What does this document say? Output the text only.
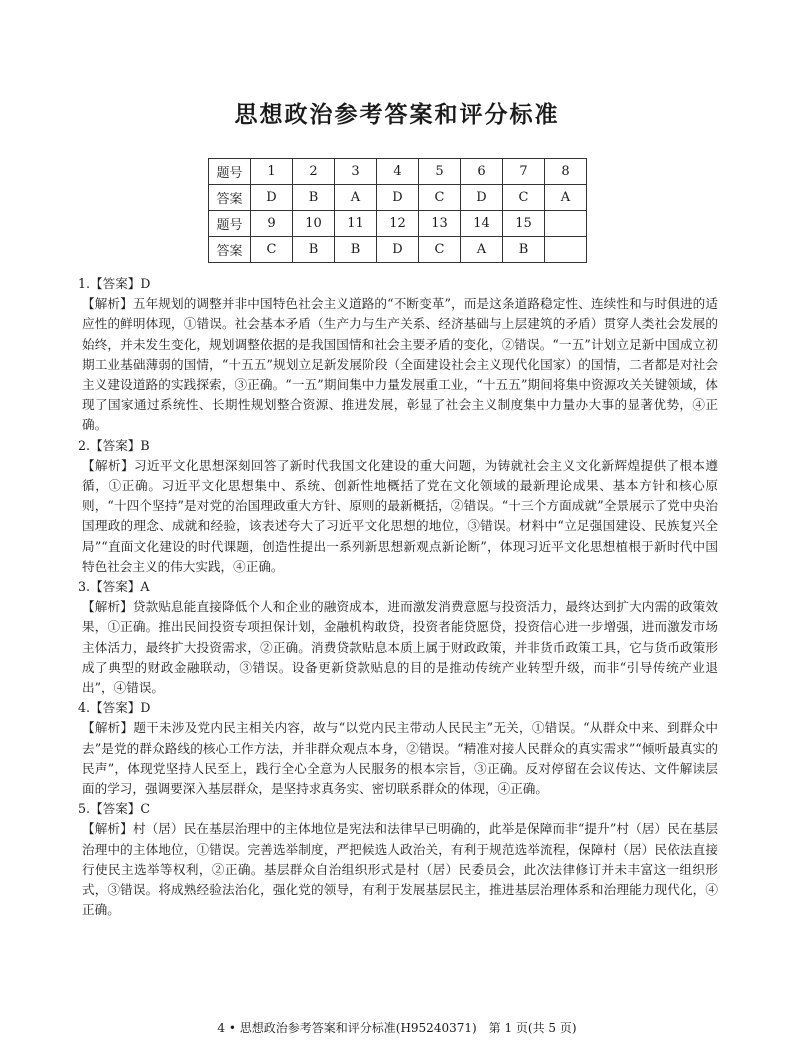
思想政治参考答案和评分标准
题号	1	2	3	4	5	6	7	8
答案	D	B	A	D	C	D	C	A
题号	9	10	11	12	13	14	15	
答案	C	B	B	D	C	A	B	
1.【答案】D
【解析】五年规划的调整并非中国特色社会主义道路的“不断变革”，而是这条道路稳定性、连续性和与时俱进的适应性的鲜明体现，①错误。社会基本矛盾（生产力与生产关系、经济基础与上层建筑的矛盾）贯穿人类社会发展的始终，并未发生变化，规划调整依据的是我国国情和社会主要矛盾的变化，②错误。“一五”计划立足新中国成立初期工业基础薄弱的国情，“十五五”规划立足新发展阶段（全面建设社会主义现代化国家）的国情，二者都是对社会主义建设道路的实践探索，③正确。“一五”期间集中力量发展重工业，“十五五”期间将集中资源攻关关键领域，体现了国家通过系统性、长期性规划整合资源、推进发展，彰显了社会主义制度集中力量办大事的显著优势，④正确。
2.【答案】B
【解析】习近平文化思想深刻回答了新时代我国文化建设的重大问题，为铸就社会主义文化新辉煌提供了根本遵循，①正确。习近平文化思想集中、系统、创新性地概括了党在文化领域的最新理论成果、基本方针和核心原则，“十四个坚持”是对党的治国理政重大方针、原则的最新概括，②错误。“十三个方面成就”全景展示了党中央治国理政的理念、成就和经验，该表述夸大了习近平文化思想的地位，③错误。材料中“立足强国建设、民族复兴全局”“直面文化建设的时代课题，创造性提出一系列新思想新观点新论断”，体现习近平文化思想植根于新时代中国特色社会主义的伟大实践，④正确。
3.【答案】A
【解析】贷款贴息能直接降低个人和企业的融资成本，进而激发消费意愿与投资活力，最终达到扩大内需的政策效果，①正确。推出民间投资专项担保计划，金融机构敢贷，投资者能贷愿贷，投资信心进一步增强，进而激发市场主体活力，最终扩大投资需求，②正确。消费贷款贴息本质上属于财政政策，并非货币政策工具，它与货币政策形成了典型的财政金融联动，③错误。设备更新贷款贴息的目的是推动传统产业转型升级，而非“引导传统产业退出”，④错误。
4.【答案】D
【解析】题干未涉及党内民主相关内容，故与“以党内民主带动人民民主”无关，①错误。“从群众中来、到群众中去”是党的群众路线的核心工作方法，并非群众观点本身，②错误。“精准对接人民群众的真实需求”“倾听最真实的民声”，体现党坚持人民至上，践行全心全意为人民服务的根本宗旨，③正确。反对停留在会议传达、文件解读层面的学习，强调要深入基层群众，是坚持求真务实、密切联系群众的体现，④正确。
5.【答案】C
【解析】村（居）民在基层治理中的主体地位是宪法和法律早已明确的，此举是保障而非“提升”村（居）民在基层治理中的主体地位，①错误。完善选举制度，严把候选人政治关，有利于规范选举流程，保障村（居）民依法直接行使民主选举等权利，②正确。基层群众自治组织形式是村（居）民委员会，此次法律修订并未丰富这一组织形式，③错误。将成熟经验法治化，强化党的领导，有利于发展基层民主，推进基层治理体系和治理能力现代化，④正确。
4 • 思想政治参考答案和评分标准(H95240371)　第 1 页(共 5 页)
